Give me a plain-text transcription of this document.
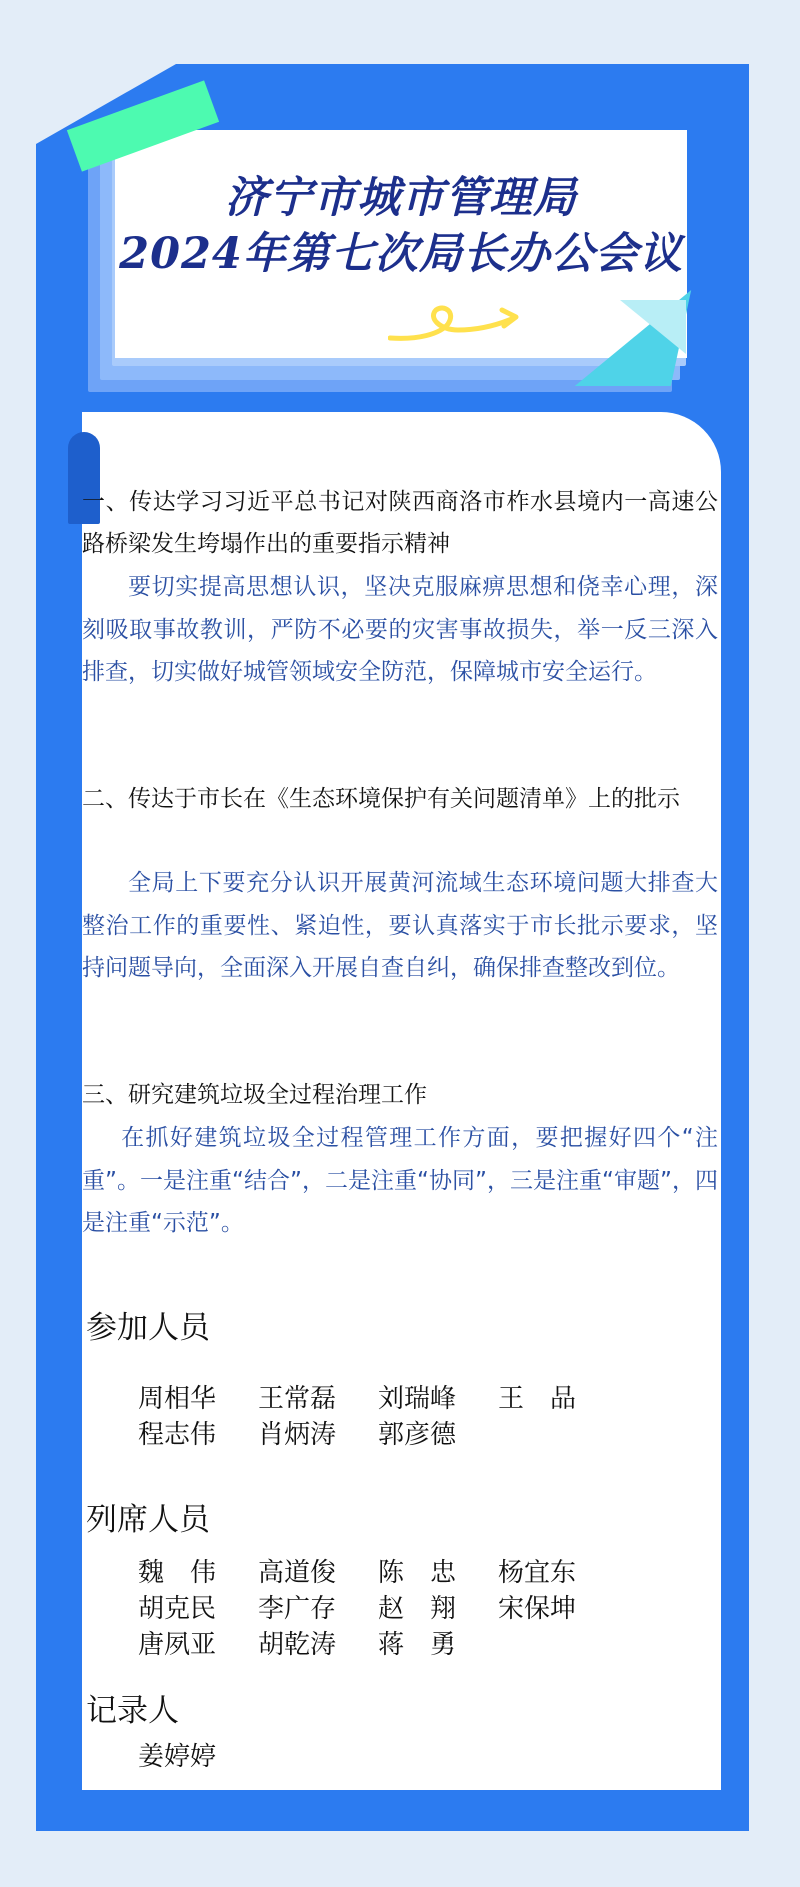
济宁市城市管理局
2024年第七次局长办公会议
一、传达学习习近平总书记对陕西商洛市柞水县境内一高速公路桥梁发生垮塌作出的重要指示精神
要切实提高思想认识，坚决克服麻痹思想和侥幸心理，深刻吸取事故教训，严防不必要的灾害事故损失，举一反三深入排查，切实做好城管领域安全防范，保障城市安全运行。
二、传达于市长在《生态环境保护有关问题清单》上的批示
全局上下要充分认识开展黄河流域生态环境问题大排查大整治工作的重要性、紧迫性，要认真落实于市长批示要求，坚持问题导向，全面深入开展自查自纠，确保排查整改到位。
三、研究建筑垃圾全过程治理工作
在抓好建筑垃圾全过程管理工作方面，要把握好四个“注重”。一是注重“结合”，二是注重“协同”，三是注重“审题”，四是注重“示范”。
参加人员
周相华 王常磊 刘瑞峰 王　品程志伟 肖炳涛 郭彦德
列席人员
魏　伟 高道俊 陈　忠 杨宜东胡克民 李广存 赵　翔 宋保坤唐夙亚 胡乾涛 蒋　勇
记录人
姜婷婷
